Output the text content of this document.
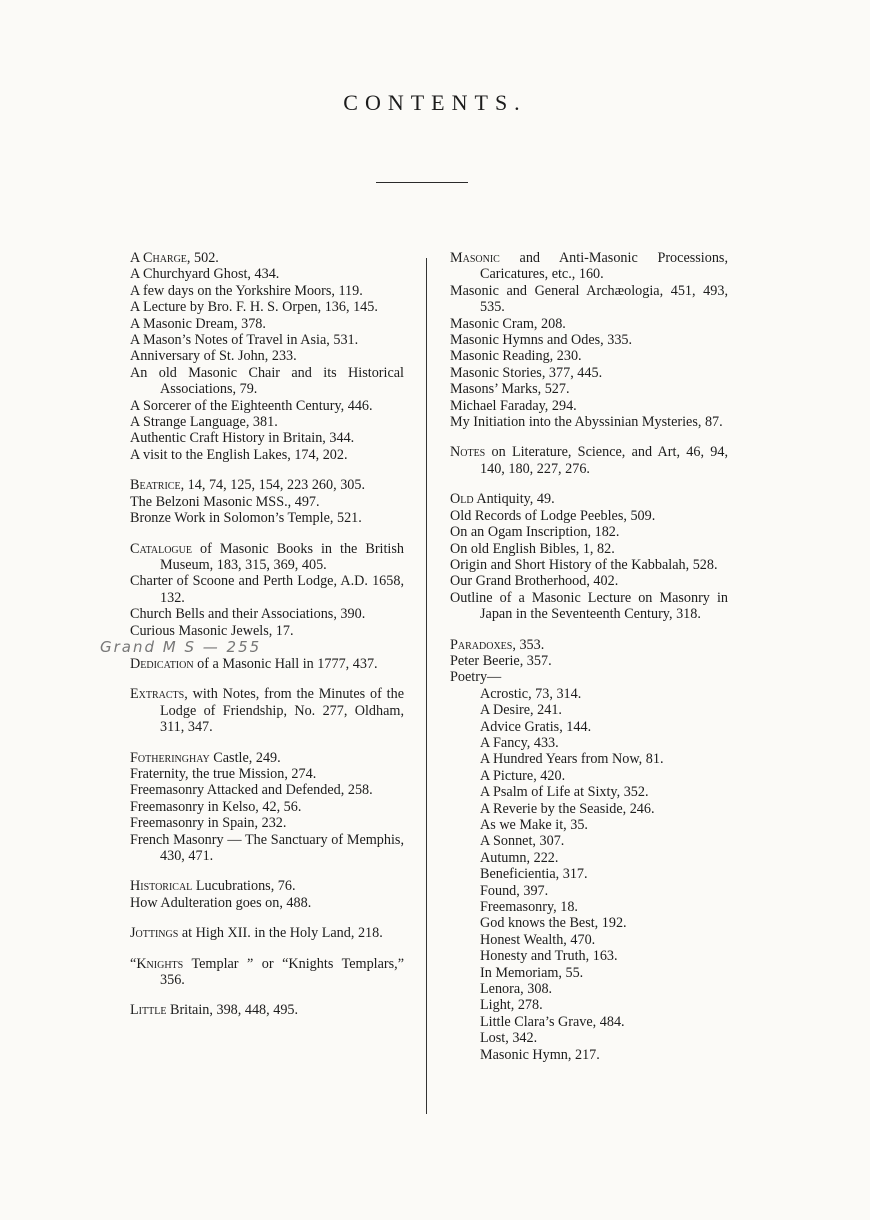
CONTENTS.
A Charge, 502.
A Churchyard Ghost, 434.
A few days on the Yorkshire Moors, 119.
A Lecture by Bro. F. H. S. Orpen, 136, 145.
A Masonic Dream, 378.
A Mason’s Notes of Travel in Asia, 531.
Anniversary of St. John, 233.
An old Masonic Chair and its Historical Associations, 79.
A Sorcerer of the Eighteenth Century, 446.
A Strange Language, 381.
Authentic Craft History in Britain, 344.
A visit to the English Lakes, 174, 202.
Beatrice, 14, 74, 125, 154, 223 260, 305.
The Belzoni Masonic MSS., 497.
Bronze Work in Solomon’s Temple, 521.
Catalogue of Masonic Books in the British Museum, 183, 315, 369, 405.
Charter of Scoone and Perth Lodge, A.D. 1658, 132.
Church Bells and their Associations, 390.
Curious Masonic Jewels, 17.
Grand M S — 255
Dedication of a Masonic Hall in 1777, 437.
Extracts, with Notes, from the Minutes of the Lodge of Friendship, No. 277, Oldham, 311, 347.
Fotheringhay Castle, 249.
Fraternity, the true Mission, 274.
Freemasonry Attacked and Defended, 258.
Freemasonry in Kelso, 42, 56.
Freemasonry in Spain, 232.
French Masonry — The Sanctuary of Memphis, 430, 471.
Historical Lucubrations, 76.
How Adulteration goes on, 488.
Jottings at High XII. in the Holy Land, 218.
“Knights Templar ” or “Knights Templars,” 356.
Little Britain, 398, 448, 495.
Masonic and Anti-Masonic Processions, Caricatures, etc., 160.
Masonic and General Archæologia, 451, 493, 535.
Masonic Cram, 208.
Masonic Hymns and Odes, 335.
Masonic Reading, 230.
Masonic Stories, 377, 445.
Masons’ Marks, 527.
Michael Faraday, 294.
My Initiation into the Abyssinian Mysteries, 87.
Notes on Literature, Science, and Art, 46, 94, 140, 180, 227, 276.
Old Antiquity, 49.
Old Records of Lodge Peebles, 509.
On an Ogam Inscription, 182.
On old English Bibles, 1, 82.
Origin and Short History of the Kabbalah, 528.
Our Grand Brotherhood, 402.
Outline of a Masonic Lecture on Masonry in Japan in the Seventeenth Century, 318.
Paradoxes, 353.
Peter Beerie, 357.
Poetry—
Acrostic, 73, 314.
A Desire, 241.
Advice Gratis, 144.
A Fancy, 433.
A Hundred Years from Now, 81.
A Picture, 420.
A Psalm of Life at Sixty, 352.
A Reverie by the Seaside, 246.
As we Make it, 35.
A Sonnet, 307.
Autumn, 222.
Beneficientia, 317.
Found, 397.
Freemasonry, 18.
God knows the Best, 192.
Honest Wealth, 470.
Honesty and Truth, 163.
In Memoriam, 55.
Lenora, 308.
Light, 278.
Little Clara’s Grave, 484.
Lost, 342.
Masonic Hymn, 217.
